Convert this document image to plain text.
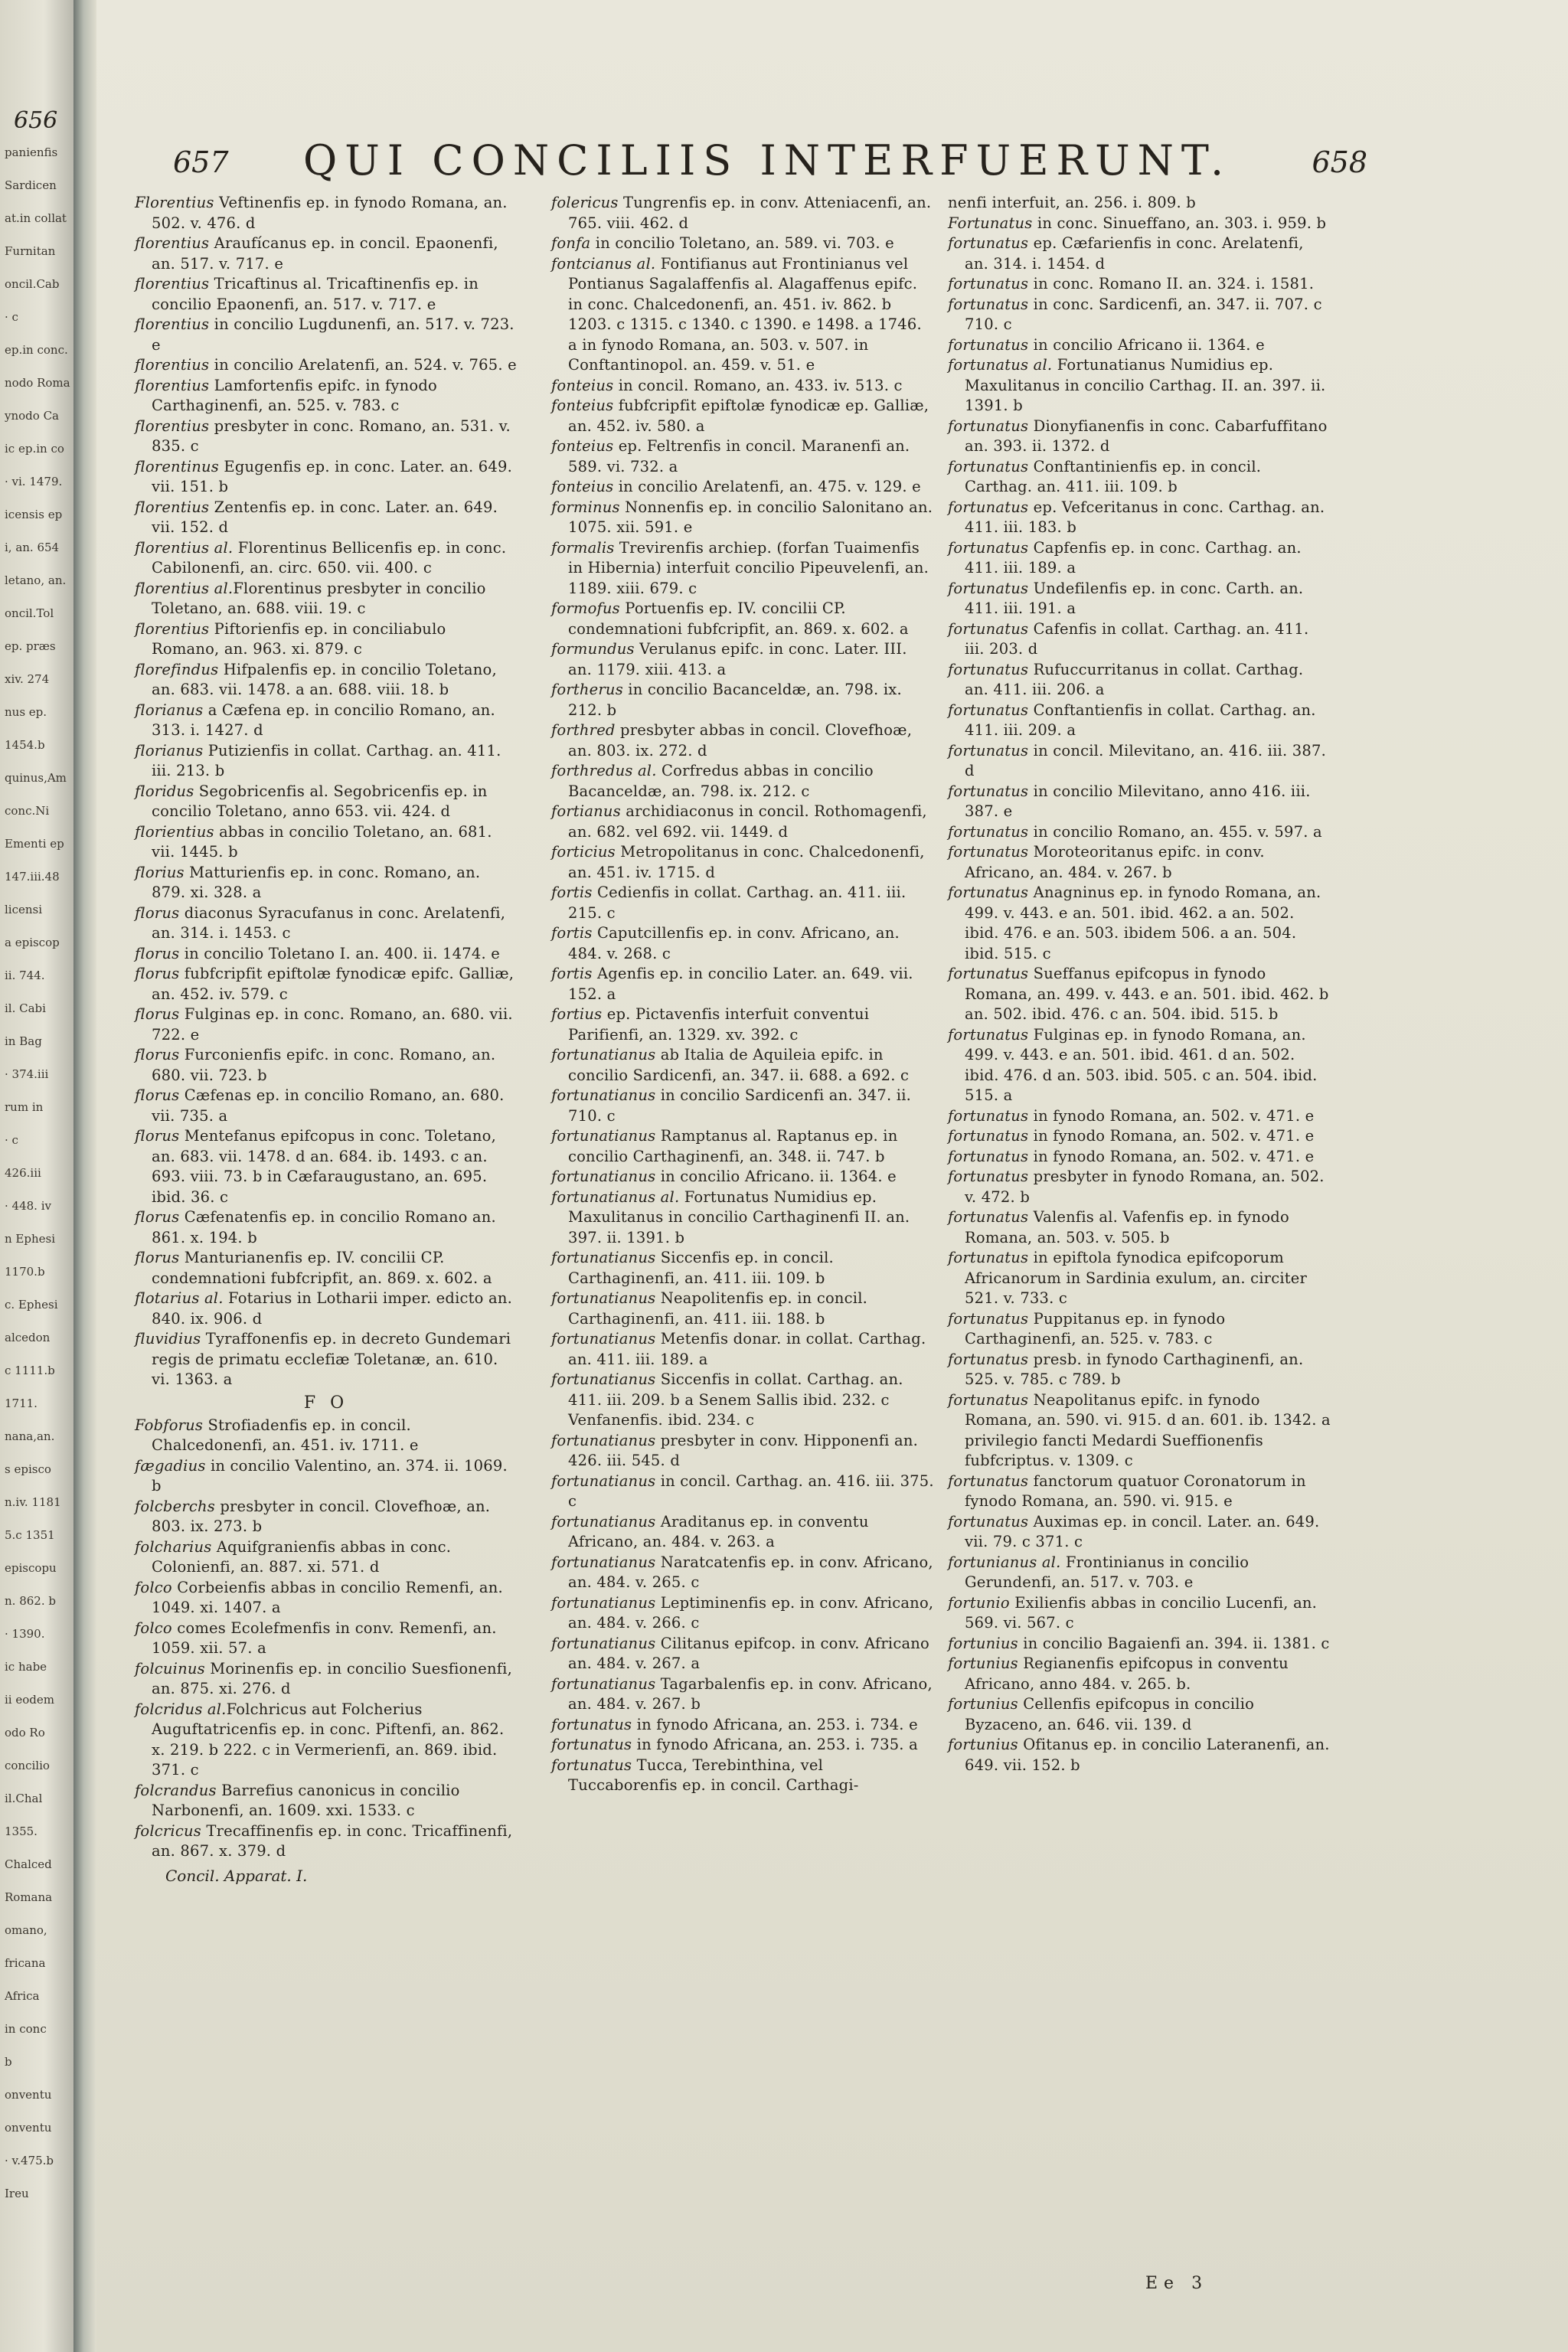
656
panienfis
Sardicen
at.in collat
Furnitan
oncil.Cab
· c
ep.in conc.
nodo Roma
ynodo Ca
ic ep.in co
· vi. 1479.
icensis ep
i, an. 654
letano, an.
oncil.Tol
ep. præs
xiv. 274
nus ep.
1454.b
quinus,Am
conc.Ni
Ementi ep
147.iii.48
licensi
a episcop
ii. 744.
il. Cabi
in Bag
· 374.iii
rum in
· c
426.iii
· 448. iv
n Ephesi
1170.b
c. Ephesi
alcedon
c 1111.b
1711.
nana,an.
s episco
n.iv. 1181
5.c 1351
episcopu
n. 862. b
· 1390.
ic habe
ii eodem
odo Ro
concilio
il.Chal
1355.
Chalced
Romana
omano,
fricana
Africa
in conc
b
onventu
onventu
· v.475.b
Ireu
657 QUI CONCILIIS INTERFUERUNT.	658

Florentius Veftinenfis ep. in fynodo Romana, an. 502. v. 476. d

florentius Araufícanus ep. in concil. Epaonenfi, an. 517. v. 717. e

florentius Tricaftinus al. Tricaftinenfis ep. in concilio Epaonenfi, an. 517. v. 717. e

florentius in concilio Lugdunenfi, an. 517. v. 723. e

florentius in concilio Arelatenfi, an. 524. v. 765. e

florentius Lamfortenfis epifc. in fynodo Carthaginenfi, an. 525. v. 783. c

florentius presbyter in conc. Romano, an. 531. v. 835. c

florentinus Egugenfis ep. in conc. Later. an. 649. vii. 151. b

florentius Zentenfis ep. in conc. Later. an. 649. vii. 152. d

florentius al. Florentinus Bellicenfis ep. in conc. Cabilonenfi, an. circ. 650. vii. 400. c

florentius al.Florentinus presbyter in concilio Toletano, an. 688. viii. 19. c

florentius Piftorienfis ep. in conciliabulo Romano, an. 963. xi. 879. c

florefindus Hifpalenfis ep. in concilio Toletano, an. 683. vii. 1478. a an. 688. viii. 18. b

florianus a Cæfena ep. in concilio Romano, an. 313. i. 1427. d

florianus Putizienfis in collat. Carthag. an. 411. iii. 213. b

floridus Segobricenfis al. Segobricenfis ep. in concilio Toletano, anno 653. vii. 424. d

florientius abbas in concilio Toletano, an. 681. vii. 1445. b

florius Matturienfis ep. in conc. Romano, an. 879. xi. 328. a

florus diaconus Syracufanus in conc. Arelatenfi, an. 314. i. 1453. c

florus in concilio Toletano I. an. 400. ii. 1474. e

florus fubfcripfit epiftolæ fynodicæ epifc. Galliæ, an. 452. iv. 579. c

florus Fulginas ep. in conc. Romano, an. 680. vii. 722. e

florus Furconienfis epifc. in conc. Romano, an. 680. vii. 723. b

florus Cæfenas ep. in concilio Romano, an. 680. vii. 735. a

florus Mentefanus epifcopus in conc. Toletano, an. 683. vii. 1478. d an. 684. ib. 1493. c an. 693. viii. 73. b in Cæfaraugustano, an. 695. ibid. 36. c

florus Cæfenatenfis ep. in concilio Romano an. 861. x. 194. b

florus Manturianenfis ep. IV. concilii CP. condemnationi fubfcripfit, an. 869. x. 602. a

flotarius al. Fotarius in Lotharii imper. edicto an. 840. ix. 906. d

fluvidius Tyraffonenfis ep. in decreto Gundemari regis de primatu ecclefiæ Toletanæ, an. 610. vi. 1363. a

F O

Fobforus Strofiadenfis ep. in concil. Chalcedonenfi, an. 451. iv. 1711. e

fægadius in concilio Valentino, an. 374. ii. 1069. b

folcberchs presbyter in concil. Clovefhoæ, an. 803. ix. 273. b

folcharius Aquifgranienfis abbas in conc. Colonienfi, an. 887. xi. 571. d

folco Corbeienfis abbas in concilio Remenfi, an. 1049. xi. 1407. a

folco comes Ecolefmenfis in conv. Remenfi, an. 1059. xii. 57. a

folcuinus Morinenfis ep. in concilio Suesfionenfi, an. 875. xi. 276. d

folcridus al.Folchricus aut Folcherius Auguftatricenfis ep. in conc. Piftenfi, an. 862. x. 219. b 222. c in Vermerienfi, an. 869. ibid. 371. c

folcrandus Barrefius canonicus in concilio Narbonenfi, an. 1609. xxi. 1533. c

folcricus Trecaffinenfis ep. in conc. Tricaffinenfi, an. 867. x. 379. d

Concil. Apparat. I.

folericus Tungrenfis ep. in conv. Atteniacenfi, an. 765. viii. 462. d

fonfa in concilio Toletano, an. 589. vi. 703. e

fontcianus al. Fontifianus aut Frontinianus vel Pontianus Sagalaffenfis al. Alagaffenus epifc. in conc. Chalcedonenfi, an. 451. iv. 862. b 1203. c 1315. c 1340. c 1390. e 1498. a 1746. a in fynodo Romana, an. 503. v. 507. in Conftantinopol. an. 459. v. 51. e

fonteius in concil. Romano, an. 433. iv. 513. c

fonteius fubfcripfit epiftolæ fynodicæ ep. Galliæ, an. 452. iv. 580. a

fonteius ep. Feltrenfis in concil. Maranenfi an. 589. vi. 732. a

fonteius in concilio Arelatenfi, an. 475. v. 129. e

forminus Nonnenfis ep. in concilio Salonitano an. 1075. xii. 591. e

formalis Trevirenfis archiep. (forfan Tuaimenfis in Hibernia) interfuit concilio Pipeuvelenfi, an. 1189. xiii. 679. c

formofus Portuenfis ep. IV. concilii CP. condemnationi fubfcripfit, an. 869. x. 602. a

formundus Verulanus epifc. in conc. Later. III. an. 1179. xiii. 413. a

fortherus in concilio Bacanceldæ, an. 798. ix. 212. b

forthred presbyter abbas in concil. Clovefhoæ, an. 803. ix. 272. d

forthredus al. Corfredus abbas in concilio Bacanceldæ, an. 798. ix. 212. c

fortianus archidiaconus in concil. Rothomagenfi, an. 682. vel 692. vii. 1449. d

forticius Metropolitanus in conc. Chalcedonenfi, an. 451. iv. 1715. d

fortis Cedienfis in collat. Carthag. an. 411. iii. 215. c

fortis Caputcillenfis ep. in conv. Africano, an. 484. v. 268. c

fortis Agenfis ep. in concilio Later. an. 649. vii. 152. a

fortius ep. Pictavenfis interfuit conventui Parifienfi, an. 1329. xv. 392. c

fortunatianus ab Italia de Aquileia epifc. in concilio Sardicenfi, an. 347. ii. 688. a 692. c

fortunatianus in concilio Sardicenfi an. 347. ii. 710. c

fortunatianus Ramptanus al. Raptanus ep. in concilio Carthaginenfi, an. 348. ii. 747. b

fortunatianus in concilio Africano. ii. 1364. e

fortunatianus al. Fortunatus Numidius ep. Maxulitanus in concilio Carthaginenfi II. an. 397. ii. 1391. b

fortunatianus Siccenfis ep. in concil. Carthaginenfi, an. 411. iii. 109. b

fortunatianus Neapolitenfis ep. in concil. Carthaginenfi, an. 411. iii. 188. b

fortunatianus Metenfis donar. in collat. Carthag. an. 411. iii. 189. a

fortunatianus Siccenfis in collat. Carthag. an. 411. iii. 209. b a Senem Sallis ibid. 232. c Venfanenfis. ibid. 234. c

fortunatianus presbyter in conv. Hipponenfi an. 426. iii. 545. d

fortunatianus in concil. Carthag. an. 416. iii. 375. c

fortunatianus Araditanus ep. in conventu Africano, an. 484. v. 263. a

fortunatianus Naratcatenfis ep. in conv. Africano, an. 484. v. 265. c

fortunatianus Leptiminenfis ep. in conv. Africano, an. 484. v. 266. c

fortunatianus Cilitanus epifcop. in conv. Africano an. 484. v. 267. a

fortunatianus Tagarbalenfis ep. in conv. Africano, an. 484. v. 267. b

fortunatus in fynodo Africana, an. 253. i. 734. e

fortunatus in fynodo Africana, an. 253. i. 735. a

fortunatus Tucca, Terebinthina, vel Tuccaborenfis ep. in concil. Carthagi-

nenfi interfuit, an. 256. i. 809. b

Fortunatus in conc. Sinueffano, an. 303. i. 959. b

fortunatus ep. Cæfarienfis in conc. Arelatenfi, an. 314. i. 1454. d

fortunatus in conc. Romano II. an. 324. i. 1581.

fortunatus in conc. Sardicenfi, an. 347. ii. 707. c 710. c

fortunatus in concilio Africano ii. 1364. e

fortunatus al. Fortunatianus Numidius ep. Maxulitanus in concilio Carthag. II. an. 397. ii. 1391. b

fortunatus Dionyfianenfis in conc. Cabarfuffitano an. 393. ii. 1372. d

fortunatus Conftantinienfis ep. in concil. Carthag. an. 411. iii. 109. b

fortunatus ep. Vefceritanus in conc. Carthag. an. 411. iii. 183. b

fortunatus Capfenfis ep. in conc. Carthag. an. 411. iii. 189. a

fortunatus Undefilenfis ep. in conc. Carth. an. 411. iii. 191. a

fortunatus Cafenfis in collat. Carthag. an. 411. iii. 203. d

fortunatus Rufuccurritanus in collat. Carthag. an. 411. iii. 206. a

fortunatus Conftantienfis in collat. Carthag. an. 411. iii. 209. a

fortunatus in concil. Milevitano, an. 416. iii. 387. d

fortunatus in concilio Milevitano, anno 416. iii. 387. e

fortunatus in concilio Romano, an. 455. v. 597. a

fortunatus Moroteoritanus epifc. in conv. Africano, an. 484. v. 267. b

fortunatus Anagninus ep. in fynodo Romana, an. 499. v. 443. e an. 501. ibid. 462. a an. 502. ibid. 476. e an. 503. ibidem 506. a an. 504. ibid. 515. c

fortunatus Sueffanus epifcopus in fynodo Romana, an. 499. v. 443. e an. 501. ibid. 462. b an. 502. ibid. 476. c an. 504. ibid. 515. b

fortunatus Fulginas ep. in fynodo Romana, an. 499. v. 443. e an. 501. ibid. 461. d an. 502. ibid. 476. d an. 503. ibid. 505. c an. 504. ibid. 515. a

fortunatus in fynodo Romana, an. 502. v. 471. e

fortunatus in fynodo Romana, an. 502. v. 471. e

fortunatus in fynodo Romana, an. 502. v. 471. e

fortunatus presbyter in fynodo Romana, an. 502. v. 472. b

fortunatus Valenfis al. Vafenfis ep. in fynodo Romana, an. 503. v. 505. b

fortunatus in epiftola fynodica epifcoporum Africanorum in Sardinia exulum, an. circiter 521. v. 733. c

fortunatus Puppitanus ep. in fynodo Carthaginenfi, an. 525. v. 783. c

fortunatus presb. in fynodo Carthaginenfi, an. 525. v. 785. c 789. b

fortunatus Neapolitanus epifc. in fynodo Romana, an. 590. vi. 915. d an. 601. ib. 1342. a privilegio fancti Medardi Sueffionenfis fubfcriptus. v. 1309. c

fortunatus fanctorum quatuor Coronatorum in fynodo Romana, an. 590. vi. 915. e

fortunatus Auximas ep. in concil. Later. an. 649. vii. 79. c 371. c

fortunianus al. Frontinianus in concilio Gerundenfi, an. 517. v. 703. e

fortunio Exilienfis abbas in concilio Lucenfi, an. 569. vi. 567. c

fortunius in concilio Bagaienfi an. 394. ii. 1381. c

fortunius Regianenfis epifcopus in conventu Africano, anno 484. v. 265. b.

fortunius Cellenfis epifcopus in concilio Byzaceno, an. 646. vii. 139. d

fortunius Ofitanus ep. in concilio Lateranenfi, an. 649. vii. 152. b

Ee 3
